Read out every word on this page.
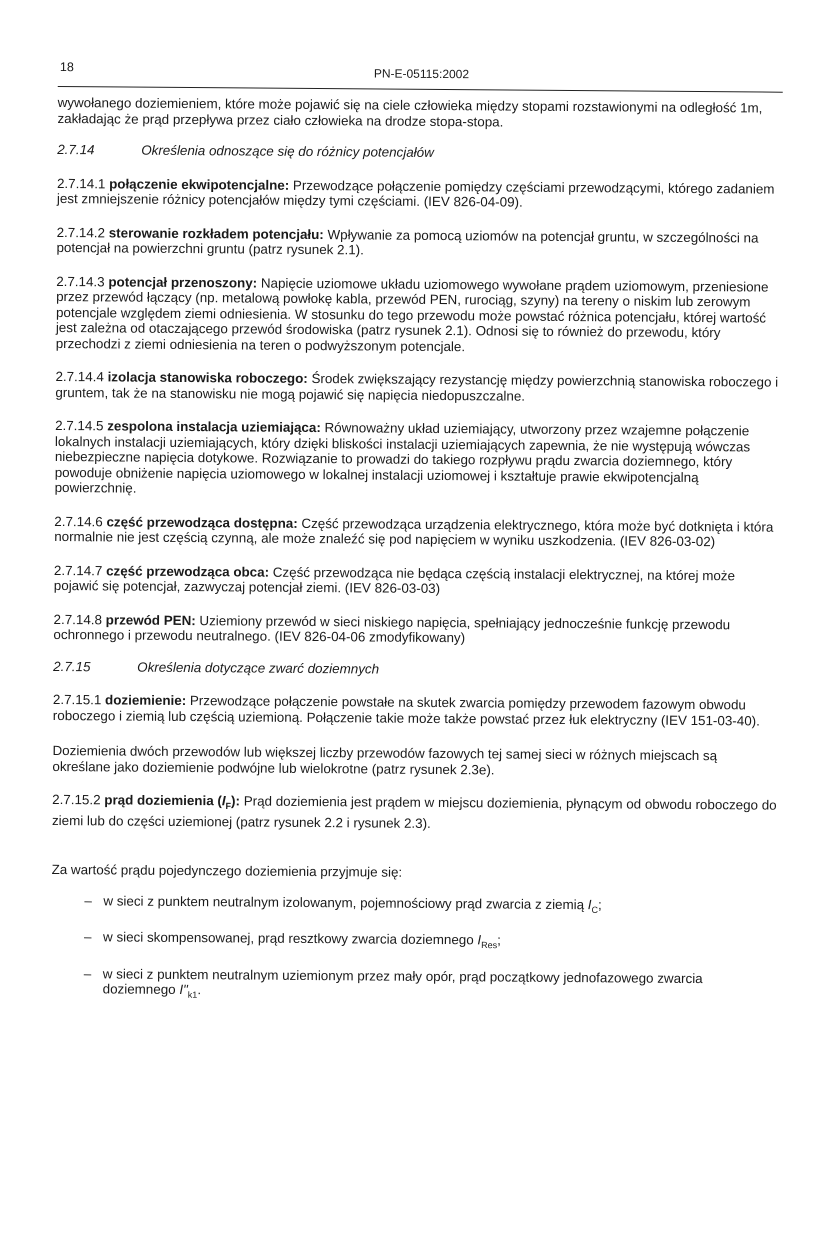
18	PN-E-05115:2002

wywołanego doziemieniem, które może pojawić się na ciele człowieka między stopami rozstawionymi na odległość 1m, zakładając że prąd przepływa przez ciało człowieka na drodze stopa-stopa.

2.7.14	Określenia odnoszące się do różnicy potencjałów

2.7.14.1 połączenie ekwipotencjalne: Przewodzące połączenie pomiędzy częściami przewodzącymi, którego zadaniem jest zmniejszenie różnicy potencjałów między tymi częściami. (IEV 826-04-09).

2.7.14.2 sterowanie rozkładem potencjału: Wpływanie za pomocą uziomów na potencjał gruntu, w szczególności na potencjał na powierzchni gruntu (patrz rysunek 2.1).

2.7.14.3 potencjał przenoszony: Napięcie uziomowe układu uziomowego wywołane prądem uziomowym, przeniesione przez przewód łączący (np. metalową powłokę kabla, przewód PEN, rurociąg, szyny) na tereny o niskim lub zerowym potencjale względem ziemi odniesienia. W stosunku do tego przewodu może powstać różnica potencjału, której wartość jest zależna od otaczającego przewód środowiska (patrz rysunek 2.1). Odnosi się to również do przewodu, który przechodzi z ziemi odniesienia na teren o podwyższonym potencjale.

2.7.14.4 izolacja stanowiska roboczego: Środek zwiększający rezystancję między powierzchnią stanowiska roboczego i gruntem, tak że na stanowisku nie mogą pojawić się napięcia niedopuszczalne.

2.7.14.5 zespolona instalacja uziemiająca: Równoważny układ uziemiający, utworzony przez wzajemne połączenie lokalnych instalacji uziemiających, który dzięki bliskości instalacji uziemiających zapewnia, że nie występują wówczas niebezpieczne napięcia dotykowe. Rozwiązanie to prowadzi do takiego rozpływu prądu zwarcia doziemnego, który powoduje obniżenie napięcia uziomowego w lokalnej instalacji uziomowej i kształtuje prawie ekwipotencjalną powierzchnię.

2.7.14.6 część przewodząca dostępna: Część przewodząca urządzenia elektrycznego, która może być dotknięta i która normalnie nie jest częścią czynną, ale może znaleźć się pod napięciem w wyniku uszkodzenia. (IEV 826-03-02)

2.7.14.7 część przewodząca obca: Część przewodząca nie będąca częścią instalacji elektrycznej, na której może pojawić się potencjał, zazwyczaj potencjał ziemi. (IEV 826-03-03)

2.7.14.8 przewód PEN: Uziemiony przewód w sieci niskiego napięcia, spełniający jednocześnie funkcję przewodu ochronnego i przewodu neutralnego. (IEV 826-04-06 zmodyfikowany)

2.7.15	Określenia dotyczące zwarć doziemnych

2.7.15.1 doziemienie: Przewodzące połączenie powstałe na skutek zwarcia pomiędzy przewodem fazowym obwodu roboczego i ziemią lub częścią uziemioną. Połączenie takie może także powstać przez łuk elektryczny (IEV 151-03-40).

Doziemienia dwóch przewodów lub większej liczby przewodów fazowych tej samej sieci w różnych miejscach są określane jako doziemienie podwójne lub wielokrotne (patrz rysunek 2.3e).

2.7.15.2 prąd doziemienia $(I_F)$: Prąd doziemienia jest prądem w miejscu doziemienia, płynącym od obwodu roboczego do ziemi lub do części uziemionej (patrz rysunek 2.2 i rysunek 2.3).

Za wartość prądu pojedynczego doziemienia przyjmuje się:

– w sieci z punktem neutralnym izolowanym, pojemnościowy prąd zwarcia z ziemią $I_C$;
– w sieci skompensowanej, prąd resztkowy zwarcia doziemnego $I_{Res}$;
– w sieci z punktem neutralnym uziemionym przez mały opór, prąd początkowy jednofazowego zwarcia doziemnego $I"_{k1}$.
